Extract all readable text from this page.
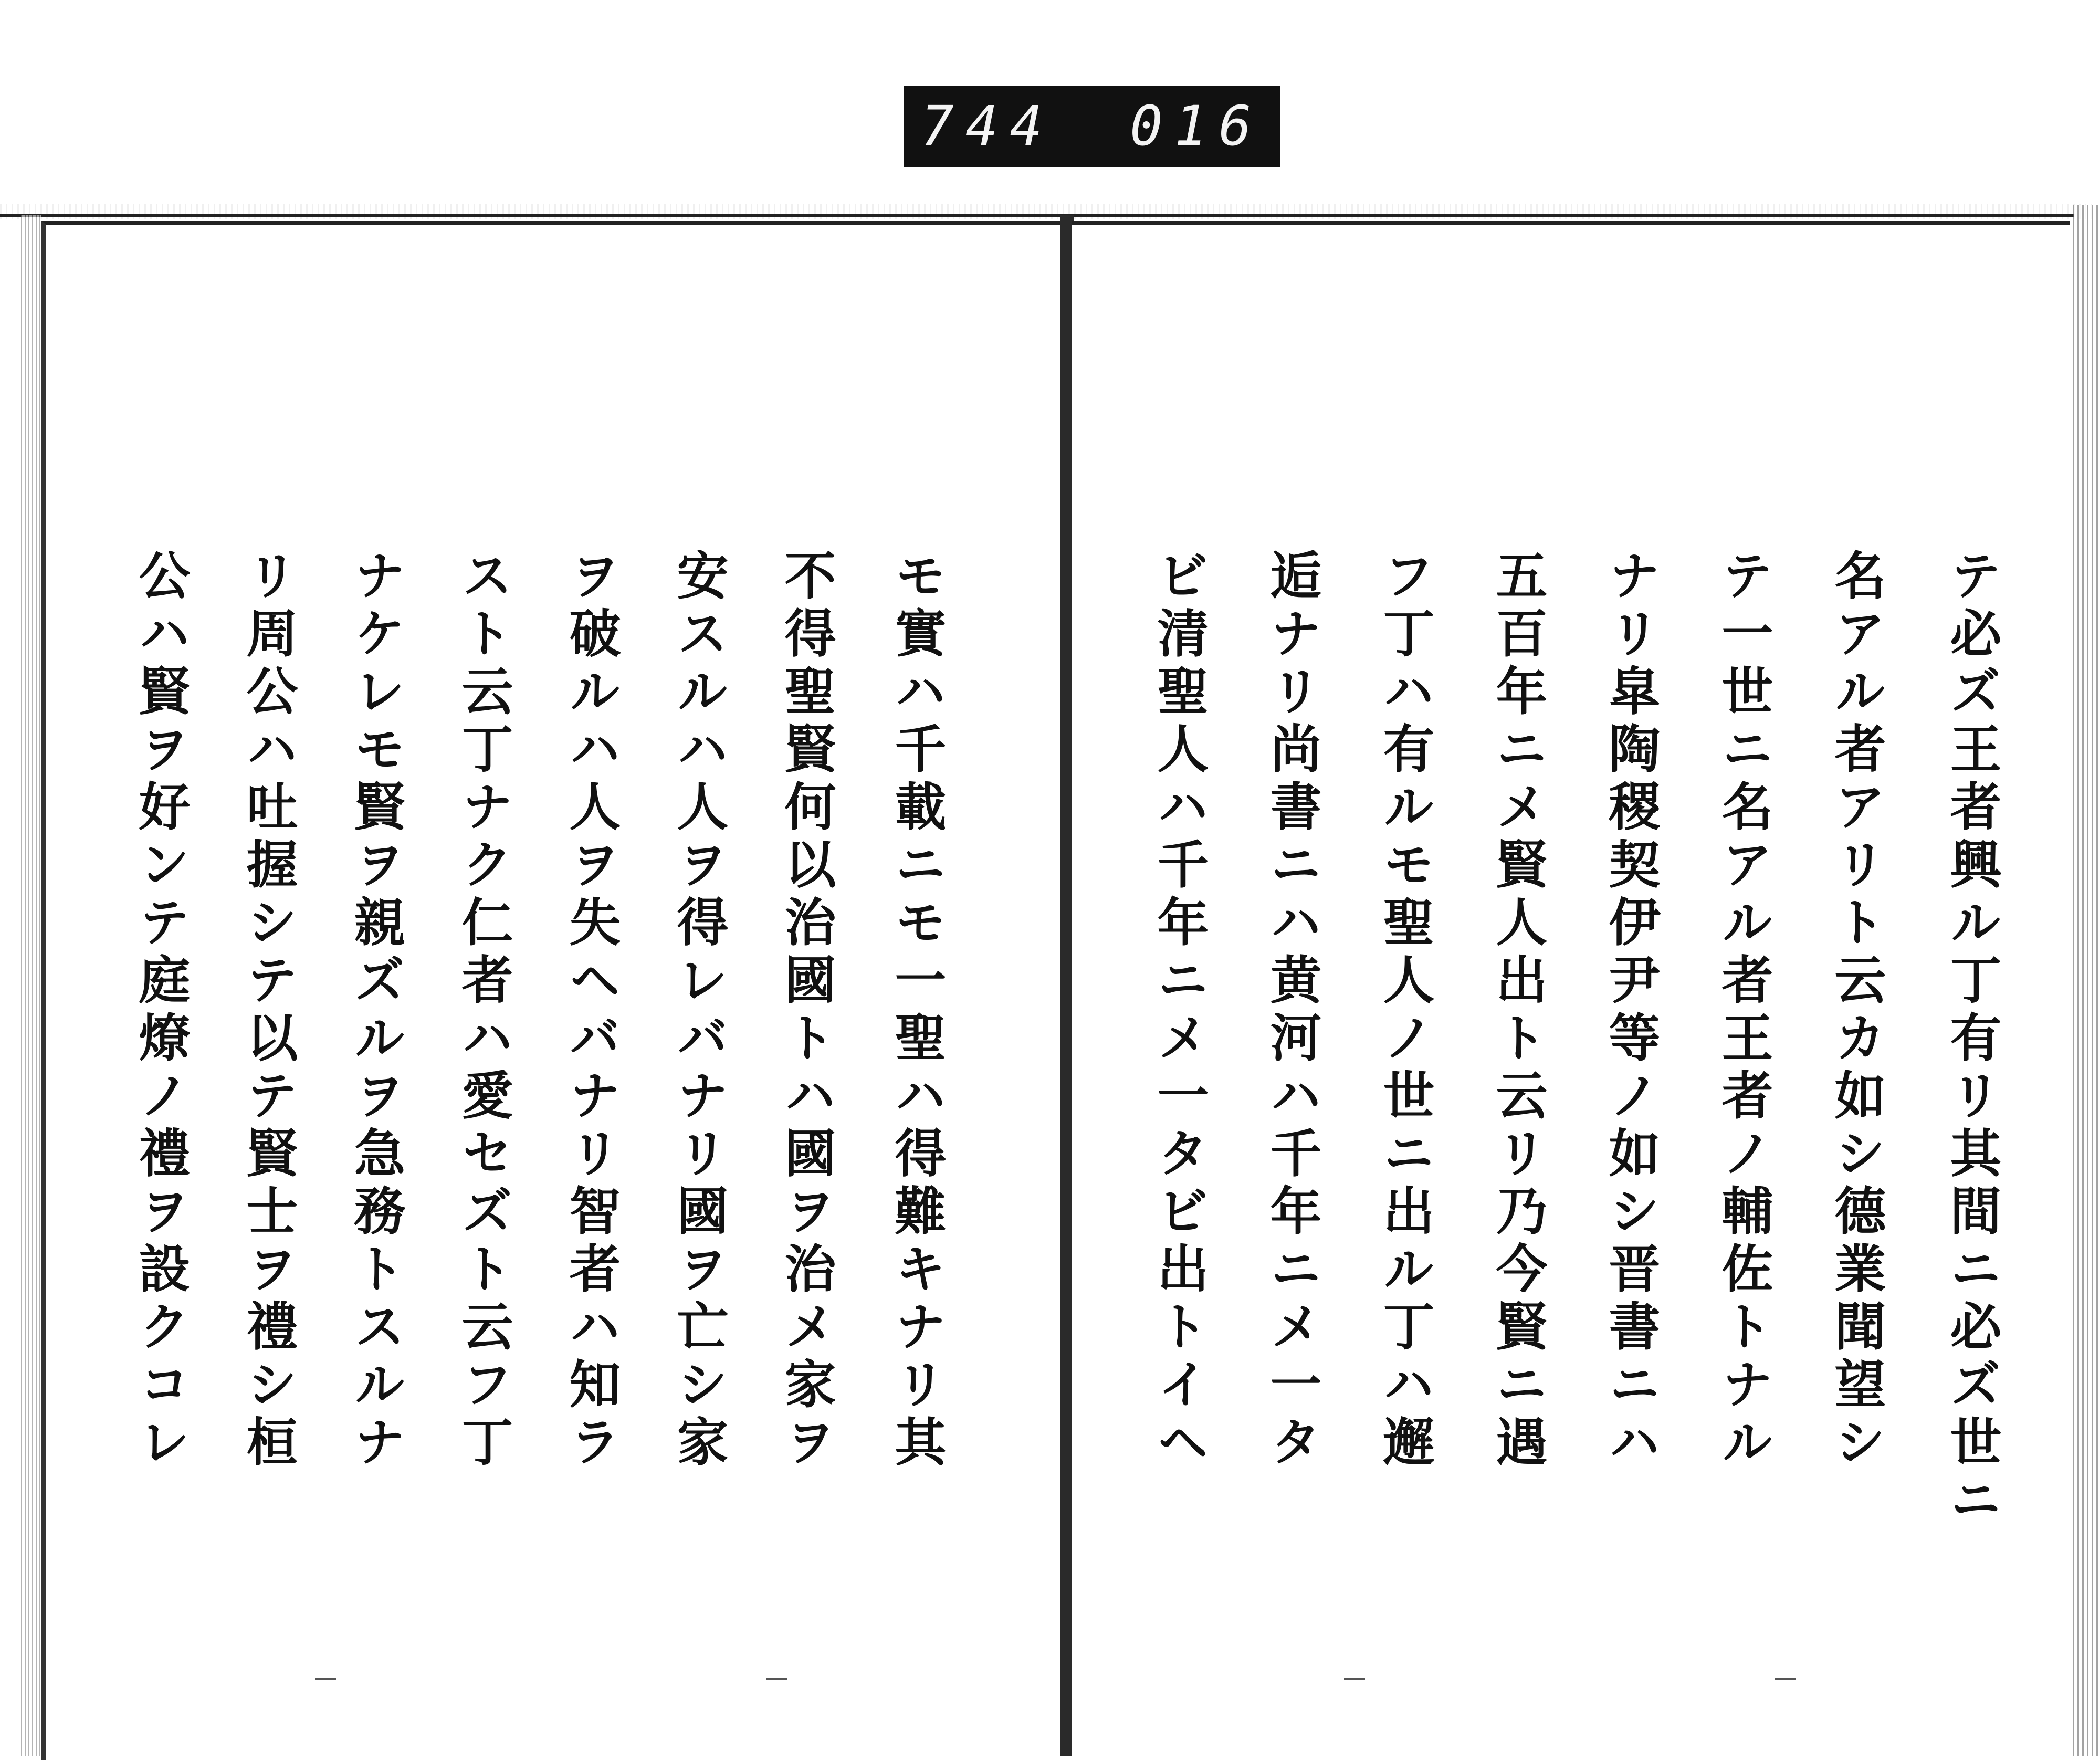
744 016
テ必ズ王者興ル丁有リ其間ニ必ズ世ニ
名アル者アリト云カ如シ德業聞望シ
テ一世ニ名アル者王者ノ輔佐トナル
ナリ皐陶稷契伊尹等ノ如シ晋書ニハ
五百年ニメ賢人出ト云リ乃今賢ニ遇
フ丁ハ有ルモ聖人ノ世ニ出ル丁ハ邂
逅ナリ尚書ニハ黄河ハ千年ニメ一タ
ビ清聖人ハ千年ニメ一タビ出トイヘ
モ實ハ千載ニモ一聖ハ得難キナリ其
不得聖賢何以治國トハ國ヲ治メ家ヲ
安スルハ人ヲ得レバナリ國ヲ亡シ家
ヲ破ルハ人ヲ失ヘバナリ智者ハ知ラ
スト云丁ナク仁者ハ愛セズト云フ丁
ナケレモ賢ヲ親ズルヲ急務トスルナ
リ周公ハ吐握シテ以テ賢士ヲ禮シ桓
公ハ賢ヲ好ンテ庭燎ノ禮ヲ設クコレ
